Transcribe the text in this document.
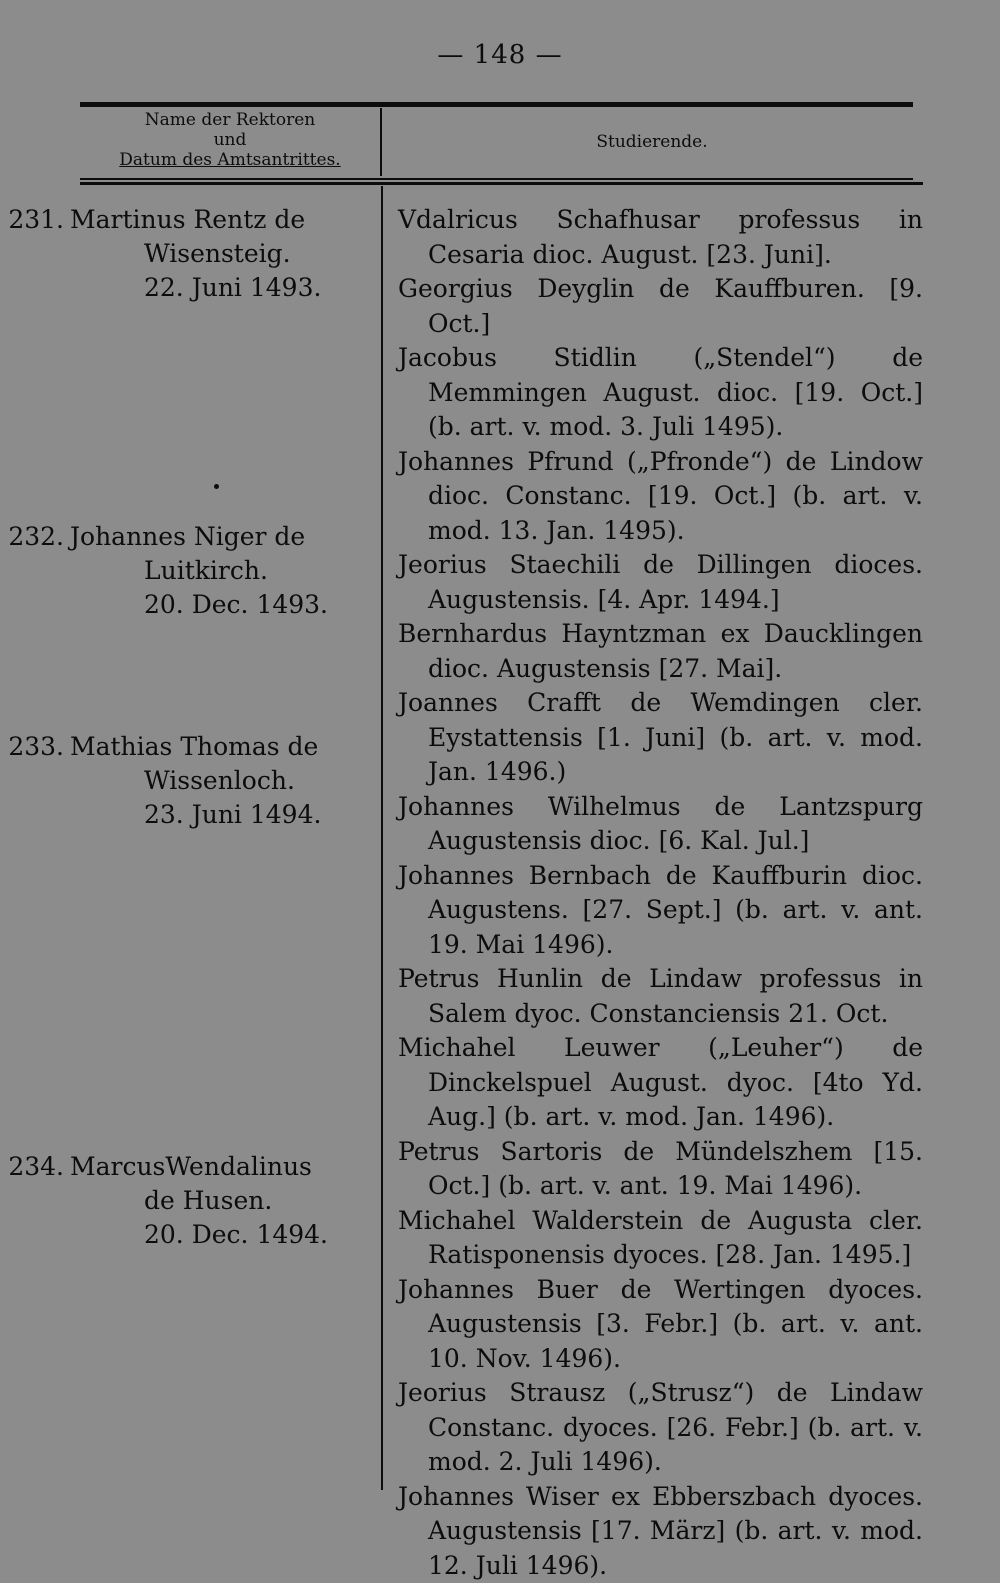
— 148 —
Name der Rektoren
und
Datum des Amtsantrittes.
Studierende.
231. Martinus Rentz de
Wisensteig.
22. Juni 1493.
232. Johannes Niger de
Luitkirch.
20. Dec. 1493.
233. Mathias Thomas de
Wissenloch.
23. Juni 1494.
234. MarcusWendalinus
de Husen.
20. Dec. 1494.
Vdalricus Schafhusar professus in Cesaria dioc. August. [23. Juni].
Georgius Deyglin de Kauffburen. [9. Oct.]
Jacobus Stidlin („Stendel“) de Memmingen August. dioc. [19. Oct.] (b. art. v. mod. 3. Juli 1495).
Johannes Pfrund („Pfronde“) de Lindow dioc. Constanc. [19. Oct.] (b. art. v. mod. 13. Jan. 1495).
Jeorius Staechili de Dillingen dioces. Augustensis. [4. Apr. 1494.]
Bernhardus Hayntzman ex Daucklingen dioc. Augustensis [27. Mai].
Joannes Crafft de Wemdingen cler. Eystattensis [1. Juni] (b. art. v. mod. Jan. 1496.)
Johannes Wilhelmus de Lantzspurg Augustensis dioc. [6. Kal. Jul.]
Johannes Bernbach de Kauffburin dioc. Augustens. [27. Sept.] (b. art. v. ant. 19. Mai 1496).
Petrus Hunlin de Lindaw professus in Salem dyoc. Constanciensis 21. Oct.
Michahel Leuwer („Leuher“) de Dinckelspuel August. dyoc. [4to Yd. Aug.] (b. art. v. mod. Jan. 1496).
Petrus Sartoris de Mündelszhem [15. Oct.] (b. art. v. ant. 19. Mai 1496).
Michahel Walderstein de Augusta cler. Ratisponensis dyoces. [28. Jan. 1495.]
Johannes Buer de Wertingen dyoces. Augustensis [3. Febr.] (b. art. v. ant. 10. Nov. 1496).
Jeorius Strausz („Strusz“) de Lindaw Constanc. dyoces. [26. Febr.] (b. art. v. mod. 2. Juli 1496).
Johannes Wiser ex Ebberszbach dyoces. Augustensis [17. März] (b. art. v. mod. 12. Juli 1496).
